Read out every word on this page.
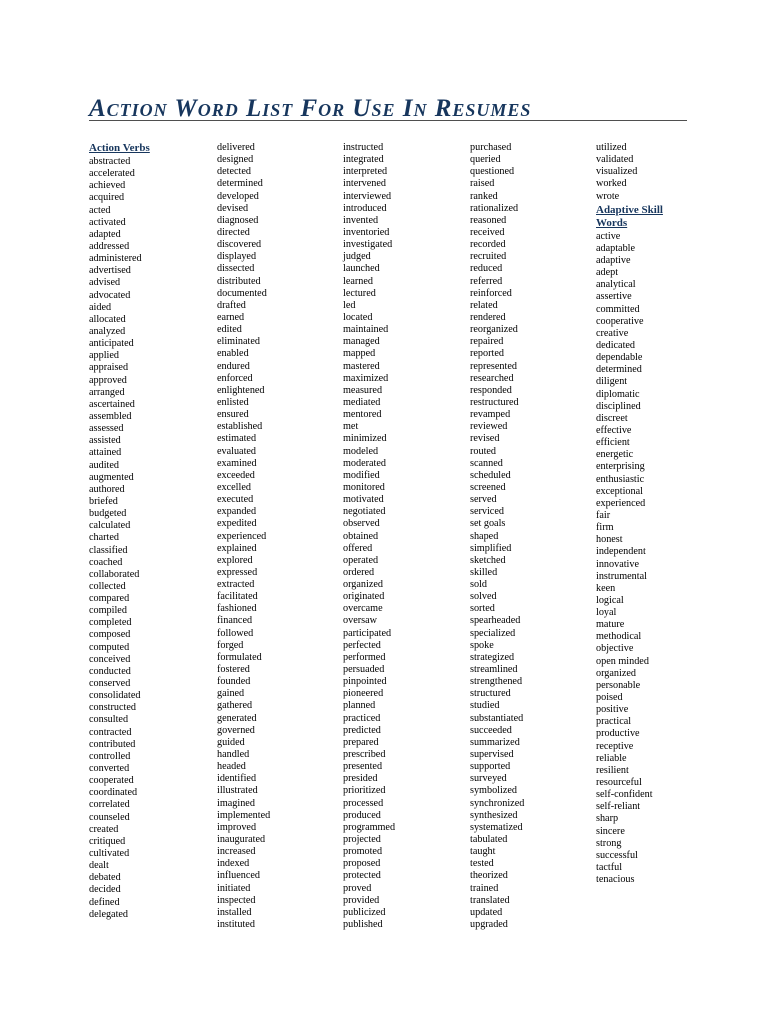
Action Word List For Use In Resumes
Action Verbs
abstracted
accelerated
achieved
acquired
acted
activated
adapted
addressed
administered
advertised
advised
advocated
aided
allocated
analyzed
anticipated
applied
appraised
approved
arranged
ascertained
assembled
assessed
assisted
attained
audited
augmented
authored
briefed
budgeted
calculated
charted
classified
coached
collaborated
collected
compared
compiled
completed
composed
computed
conceived
conducted
conserved
consolidated
constructed
consulted
contracted
contributed
controlled
converted
cooperated
coordinated
correlated
counseled
created
critiqued
cultivated
dealt
debated
decided
defined
delegated
delivered
designed
detected
determined
developed
devised
diagnosed
directed
discovered
displayed
dissected
distributed
documented
drafted
earned
edited
eliminated
enabled
endured
enforced
enlightened
enlisted
ensured
established
estimated
evaluated
examined
exceeded
excelled
executed
expanded
expedited
experienced
explained
explored
expressed
extracted
facilitated
fashioned
financed
followed
forged
formulated
fostered
founded
gained
gathered
generated
governed
guided
handled
headed
identified
illustrated
imagined
implemented
improved
inaugurated
increased
indexed
influenced
initiated
inspected
installed
instituted
instructed
integrated
interpreted
intervened
interviewed
introduced
invented
inventoried
investigated
judged
launched
learned
lectured
led
located
maintained
managed
mapped
mastered
maximized
measured
mediated
mentored
met
minimized
modeled
moderated
modified
monitored
motivated
negotiated
observed
obtained
offered
operated
ordered
organized
originated
overcame
oversaw
participated
perfected
performed
persuaded
pinpointed
pioneered
planned
practiced
predicted
prepared
prescribed
presented
presided
prioritized
processed
produced
programmed
projected
promoted
proposed
protected
proved
provided
publicized
published
purchased
queried
questioned
raised
ranked
rationalized
reasoned
received
recorded
recruited
reduced
referred
reinforced
related
rendered
reorganized
repaired
reported
represented
researched
responded
restructured
revamped
reviewed
revised
routed
scanned
scheduled
screened
served
serviced
set goals
shaped
simplified
sketched
skilled
sold
solved
sorted
spearheaded
specialized
spoke
strategized
streamlined
strengthened
structured
studied
substantiated
succeeded
summarized
supervised
supported
surveyed
symbolized
synchronized
synthesized
systematized
tabulated
taught
tested
theorized
trained
translated
updated
upgraded
utilized
validated
visualized
worked
wrote
Adaptive Skill Words
active
adaptable
adaptive
adept
analytical
assertive
committed
cooperative
creative
dedicated
dependable
determined
diligent
diplomatic
disciplined
discreet
effective
efficient
energetic
enterprising
enthusiastic
exceptional
experienced
fair
firm
honest
independent
innovative
instrumental
keen
logical
loyal
mature
methodical
objective
open minded
organized
personable
poised
positive
practical
productive
receptive
reliable
resilient
resourceful
self-confident
self-reliant
sharp
sincere
strong
successful
tactful
tenacious
